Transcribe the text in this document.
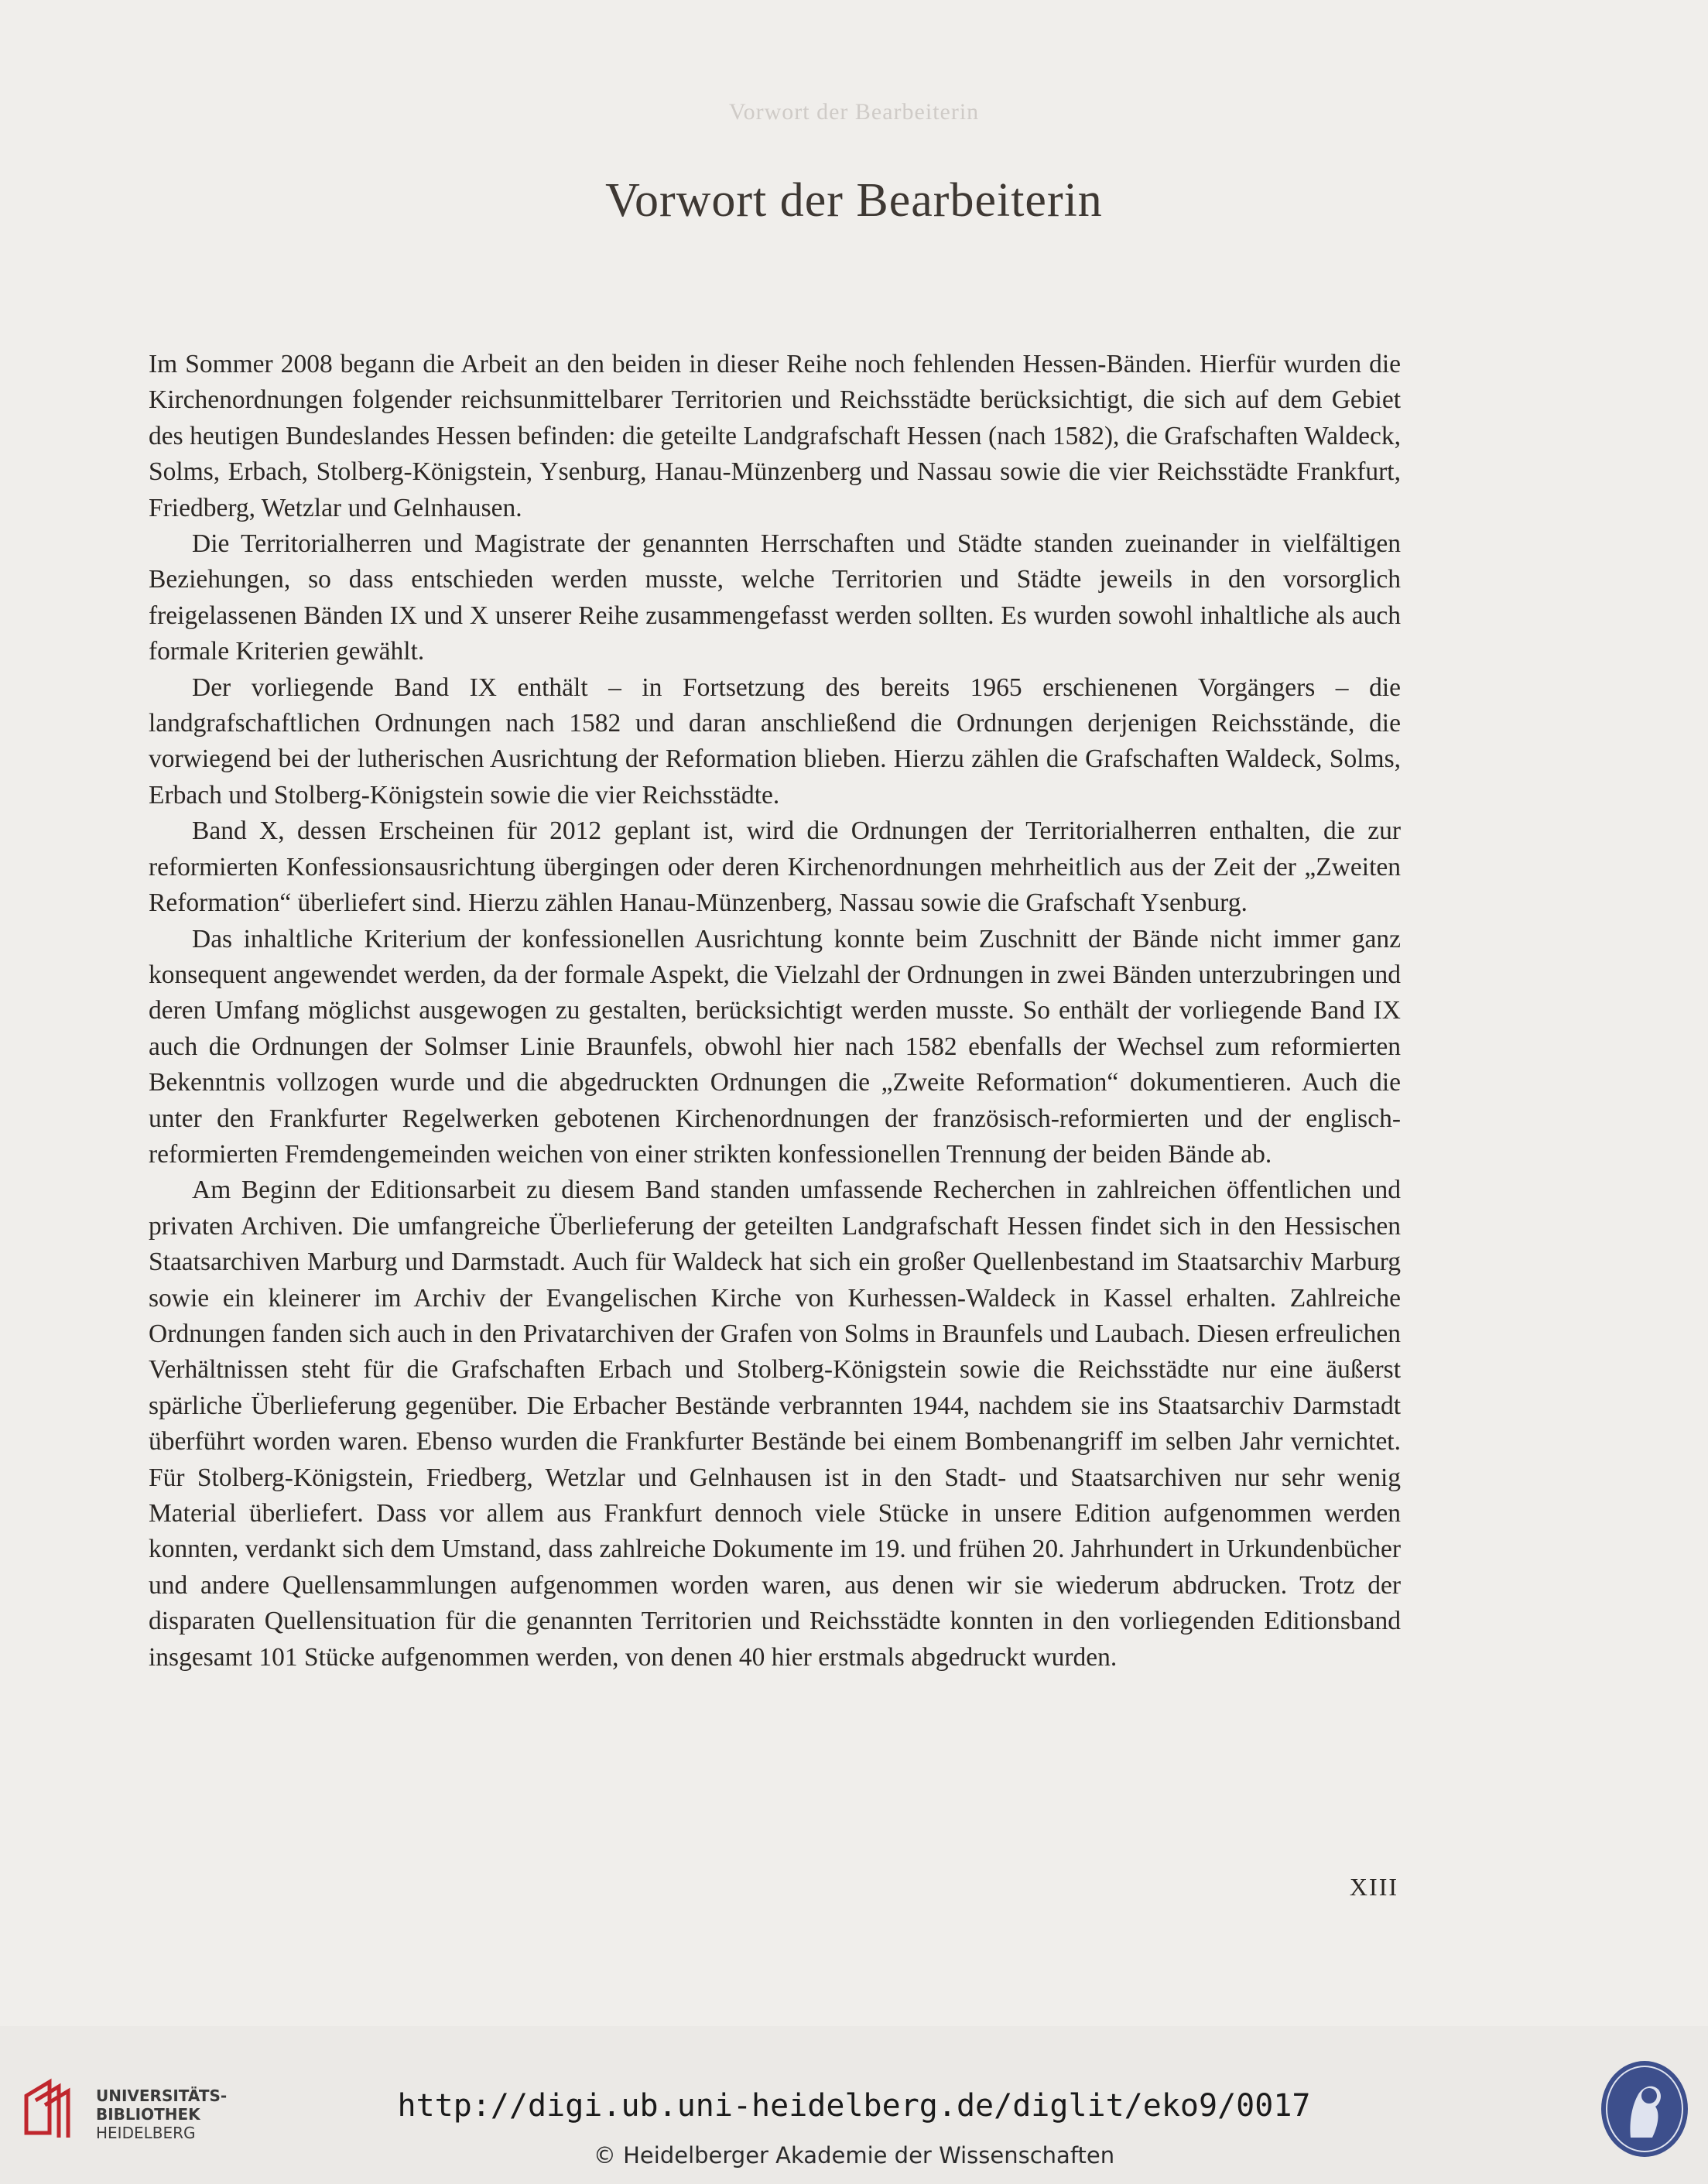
Vorwort der Bearbeiterin
Vorwort der Bearbeiterin

Im Sommer 2008 begann die Arbeit an den beiden in dieser Reihe noch fehlenden Hessen-Bänden. Hierfür wurden die Kirchenordnungen folgender reichsunmittelbarer Territorien und Reichsstädte berücksichtigt, die sich auf dem Gebiet des heutigen Bundeslandes Hessen befinden: die geteilte Landgrafschaft Hessen (nach 1582), die Grafschaften Waldeck, Solms, Erbach, Stolberg-Königstein, Ysenburg, Hanau-Münzenberg und Nassau sowie die vier Reichsstädte Frankfurt, Friedberg, Wetzlar und Gelnhausen.

Die Territorialherren und Magistrate der genannten Herrschaften und Städte standen zueinander in vielfältigen Beziehungen, so dass entschieden werden musste, welche Territorien und Städte jeweils in den vorsorglich freigelassenen Bänden IX und X unserer Reihe zusammengefasst werden sollten. Es wurden sowohl inhaltliche als auch formale Kriterien gewählt.

Der vorliegende Band IX enthält – in Fortsetzung des bereits 1965 erschienenen Vorgängers – die landgrafschaftlichen Ordnungen nach 1582 und daran anschließend die Ordnungen derjenigen Reichsstände, die vorwiegend bei der lutherischen Ausrichtung der Reformation blieben. Hierzu zählen die Grafschaften Waldeck, Solms, Erbach und Stolberg-Königstein sowie die vier Reichsstädte.

Band X, dessen Erscheinen für 2012 geplant ist, wird die Ordnungen der Territorialherren enthalten, die zur reformierten Konfessionsausrichtung übergingen oder deren Kirchenordnungen mehrheitlich aus der Zeit der „Zweiten Reformation“ überliefert sind. Hierzu zählen Hanau-Münzenberg, Nassau sowie die Grafschaft Ysenburg.

Das inhaltliche Kriterium der konfessionellen Ausrichtung konnte beim Zuschnitt der Bände nicht immer ganz konsequent angewendet werden, da der formale Aspekt, die Vielzahl der Ordnungen in zwei Bänden unterzubringen und deren Umfang möglichst ausgewogen zu gestalten, berücksichtigt werden musste. So enthält der vorliegende Band IX auch die Ordnungen der Solmser Linie Braunfels, obwohl hier nach 1582 ebenfalls der Wechsel zum reformierten Bekenntnis vollzogen wurde und die abgedruckten Ordnungen die „Zweite Reformation“ dokumentieren. Auch die unter den Frankfurter Regelwerken gebotenen Kirchenordnungen der französisch-reformierten und der englisch-reformierten Fremdengemeinden weichen von einer strikten konfessionellen Trennung der beiden Bände ab.

Am Beginn der Editionsarbeit zu diesem Band standen umfassende Recherchen in zahlreichen öffentlichen und privaten Archiven. Die umfangreiche Überlieferung der geteilten Landgrafschaft Hessen findet sich in den Hessischen Staatsarchiven Marburg und Darmstadt. Auch für Waldeck hat sich ein großer Quellenbestand im Staatsarchiv Marburg sowie ein kleinerer im Archiv der Evangelischen Kirche von Kurhessen-Waldeck in Kassel erhalten. Zahlreiche Ordnungen fanden sich auch in den Privatarchiven der Grafen von Solms in Braunfels und Laubach. Diesen erfreulichen Verhältnissen steht für die Grafschaften Erbach und Stolberg-Königstein sowie die Reichsstädte nur eine äußerst spärliche Überlieferung gegenüber. Die Erbacher Bestände verbrannten 1944, nachdem sie ins Staatsarchiv Darmstadt überführt worden waren. Ebenso wurden die Frankfurter Bestände bei einem Bombenangriff im selben Jahr vernichtet. Für Stolberg-Königstein, Friedberg, Wetzlar und Gelnhausen ist in den Stadt- und Staatsarchiven nur sehr wenig Material überliefert. Dass vor allem aus Frankfurt dennoch viele Stücke in unsere Edition aufgenommen werden konnten, verdankt sich dem Umstand, dass zahlreiche Dokumente im 19. und frühen 20. Jahrhundert in Urkundenbücher und andere Quellensammlungen aufgenommen worden waren, aus denen wir sie wiederum abdrucken. Trotz der disparaten Quellensituation für die genannten Territorien und Reichsstädte konnten in den vorliegenden Editionsband insgesamt 101 Stücke aufgenommen werden, von denen 40 hier erstmals abgedruckt wurden.

XIII
UNIVERSITÄTS-
BIBLIOTHEK
HEIDELBERG
http://digi.ub.uni-heidelberg.de/diglit/eko9/0017
© Heidelberger Akademie der Wissenschaften
